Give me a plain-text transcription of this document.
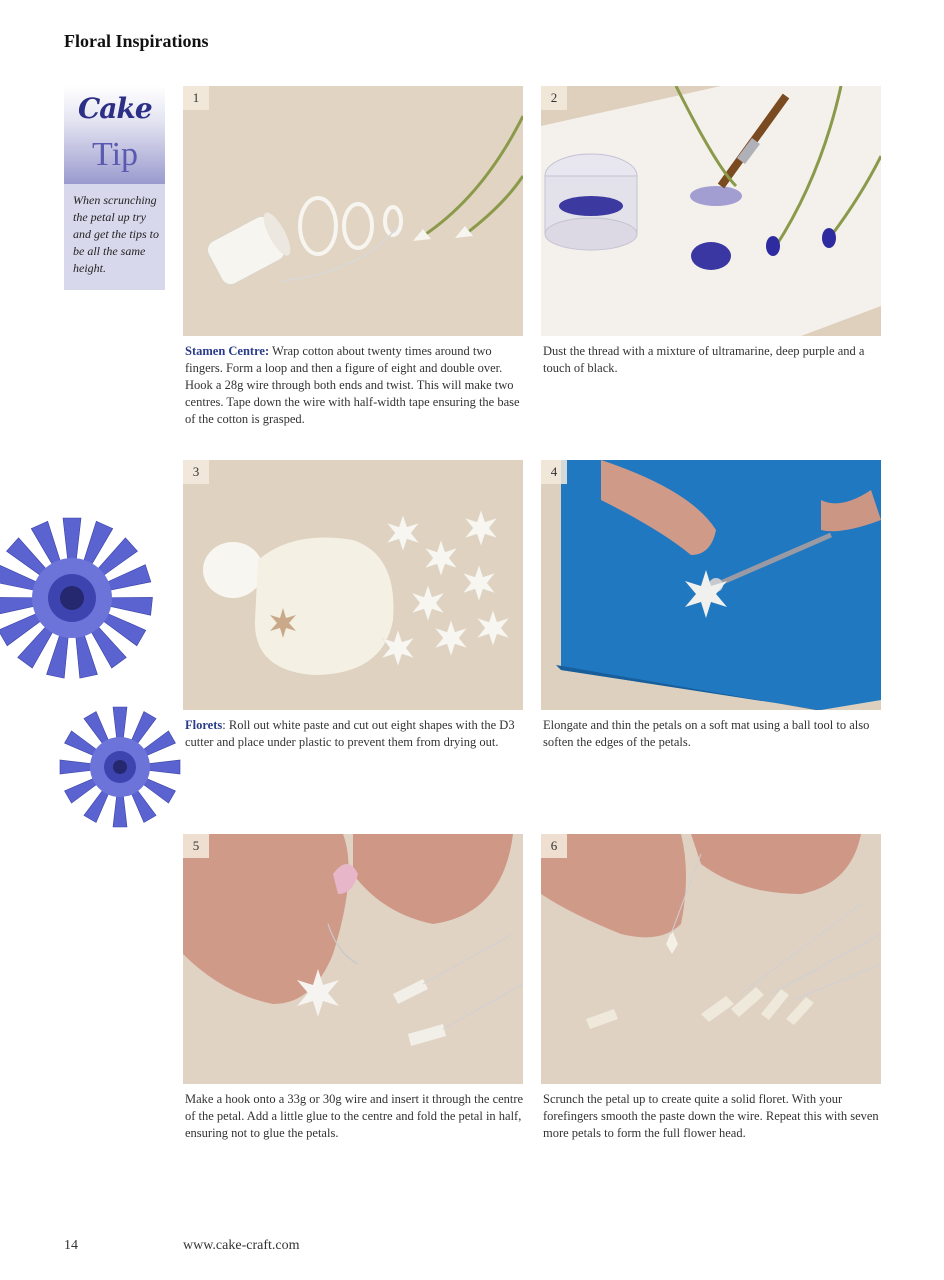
Floral Inspirations
Cake
Tip
When scrunching the petal up try and get the tips to be all the same height.
1

Stamen Centre: Wrap cotton about twenty times around two fingers. Form a loop and then a figure of eight and double over. Hook a 28g wire through both ends and twist. This will make two centres. Tape down the wire with half-width tape ensuring the base of the cotton is grasped.

2

Dust the thread with a mixture of ultramarine, deep purple and a touch of black.

3

Florets: Roll out white paste and cut out eight shapes with the D3 cutter and place under plastic to prevent them from drying out.

4

Elongate and thin the petals on a soft mat using a ball tool to also soften the edges of the petals.

5

Make a hook onto a 33g or 30g wire and insert it through the centre of the petal. Add a little glue to the centre and fold the petal in half, ensuring not to glue the petals.

6

Scrunch the petal up to create quite a solid floret. With your forefingers smooth the paste down the wire. Repeat this with seven more petals to form the full flower head.

14	www.cake-craft.com
